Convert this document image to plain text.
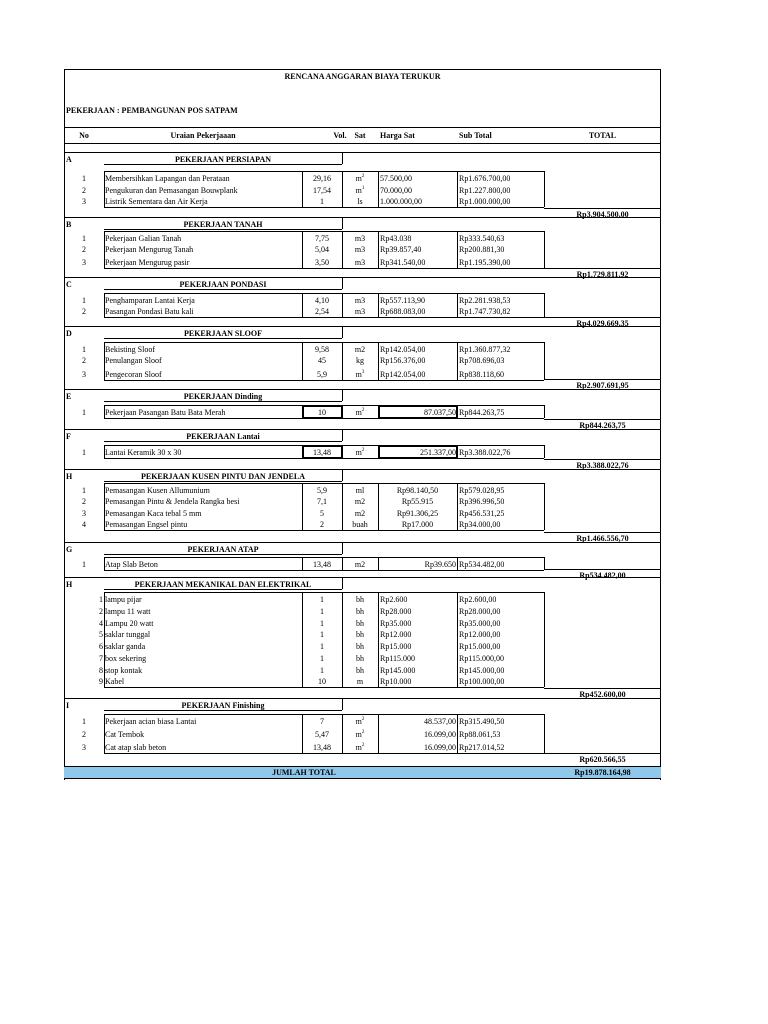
RENCANA ANGGARAN BIAYA TERUKUR
PEKERJAAN : PEMBANGUNAN POS SATPAM
No	Uraian Pekerjaaan	Vol. Sat	Harga Sat	Sub Total	TOTAL
A	PEKERJAAN PERSIAPAN
1	Membersihkan Lapangan dan Perataan	29,16	$m^2$	57.500,00	Rp1.676.700,00
2	Pengukuran dan Pemasangan Bouwplank	17,54	$m^1$	70.000,00	Rp1.227.800,00
3	Listrik Sementara dan Air Kerja	1	ls	1.000.000,00	Rp1.000.000,00
Rp3.904.500,00
B	PEKERJAAN TANAH
1	Pekerjaan Galian Tanah	7,75	m3	Rp43.038	Rp333.540,63
2	Pekerjaan Mengurug Tanah	5,04	m3	Rp39.857,40	Rp200.881,30
3	Pekerjaan Mengurug pasir	3,50	m3	Rp341.540,00	Rp1.195.390,00
Rp1.729.811,92
C	PEKERJAAN PONDASI
1	Penghamparan Lantai Kerja	4,10	m3	Rp557.113,90	Rp2.281.938,53
2	Pasangan Pondasi Batu kali	2,54	m3	Rp688.083,00	Rp1.747.730,82
Rp4.029.669,35
D	PEKERJAAN SLOOF
1	Bekisting Sloof	9,58	m2	Rp142.054,00	Rp1.360.877,32
2	Penulangan Sloof	45	kg	Rp156.376,00	Rp708.696,03
3	Pengecoran Sloof	5,9	$m^3$	Rp142.054,00	Rp838.118,60
Rp2.907.691,95
E	PEKERJAAN Dinding
1	Pekerjaan Pasangan Batu Bata Merah	10	$m^2$	87.037,50 Rp844.263,75
Rp844.263,75
F	PEKERJAAN Lantai
1	Lantai Keramik 30 x 30	13,48	$m^2$	251.337,00 Rp3.388.022,76
Rp3.388.022,76
H	PEKERJAAN KUSEN PINTU DAN JENDELA
1	Pemasangan Kusen Allumunium	5,9	ml	Rp98.140,50	Rp579.028,95
2	Pemasangan Pintu & Jendela Rangka besi	7,1	m2	Rp55.915	Rp396.996,50
3	Pemasangan Kaca tebal 5 mm	5	m2	Rp91.306,25	Rp456.531,25
4	Pemasangan Engsel pintu	2	buah	Rp17.000	Rp34.000,00
Rp1.466.556,70
G	PEKERJAAN ATAP
1	Atap Slab Beton	13,48	m2	Rp39.650 Rp534.482,00
Rp534.482,00
H	PEKERJAAN MEKANIKAL DAN ELEKTRIKAL
1 lampu pijar	1	bh	Rp2.600	Rp2.600,00
2 lampu 11 watt	1	bh	Rp28.000	Rp28.000,00
4 Lampu 20 watt	1	bh	Rp35.000	Rp35.000,00
5 saklar tunggal	1	bh	Rp12.000	Rp12.000,00
6 saklar ganda	1	bh	Rp15.000	Rp15.000,00
7 box sekering	1	bh	Rp115.000	Rp115.000,00
8 stop kontak	1	bh	Rp145.000	Rp145.000,00
9 Kabel	10	m	Rp10.000	Rp100.000,00
Rp452.600,00
I	PEKERJAAN Finishing
1	Pekerjaan acian biasa Lantai	7	$m^2$	48.537,00 Rp315.490,50
2	Cat Tembok	5,47	$m^2$	16.099,00 Rp88.061,53
3	Cat atap slab beton	13,48	$m^2$	16.099,00 Rp217.014,52
Rp620.566,55
JUMLAH TOTAL	Rp19.878.164,98
